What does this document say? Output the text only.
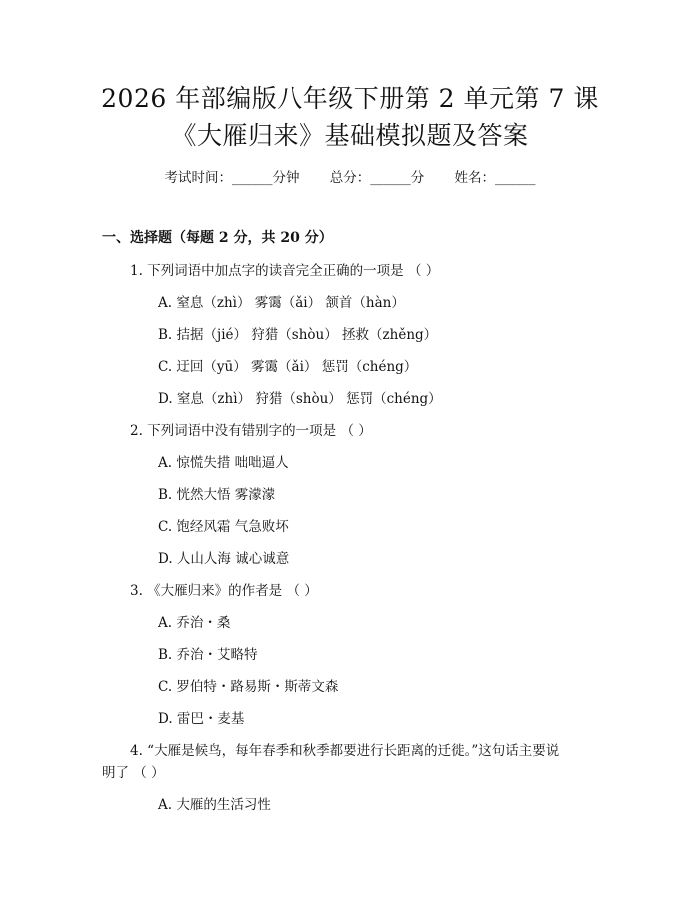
2026 年部编版八年级下册第 2 单元第 7 课
《大雁归来》基础模拟题及答案
考试时间：______分钟 总分：______分 姓名：______
一、选择题（每题 2 分，共 20 分）
1. 下列词语中加点字的读音完全正确的一项是 （ ）
A. 窒息（zhì） 雾霭（ǎi） 颔首（hàn）
B. 拮据（jié） 狩猎（shòu） 拯救（zhěng）
C. 迂回（yū） 雾霭（ǎi） 惩罚（chéng）
D. 窒息（zhì） 狩猎（shòu） 惩罚（chéng）
2. 下列词语中没有错别字的一项是 （ ）
A. 惊慌失措 咄咄逼人
B. 恍然大悟 雾濛濛
C. 饱经风霜 气急败坏
D. 人山人海 诚心诚意
3. 《大雁归来》的作者是 （ ）
A. 乔治・桑
B. 乔治・艾略特
C. 罗伯特・路易斯・斯蒂文森
D. 雷巴・麦基
4. “大雁是候鸟，每年春季和秋季都要进行长距离的迁徙。”这句话主要说
明了 （ ）
A. 大雁的生活习性
